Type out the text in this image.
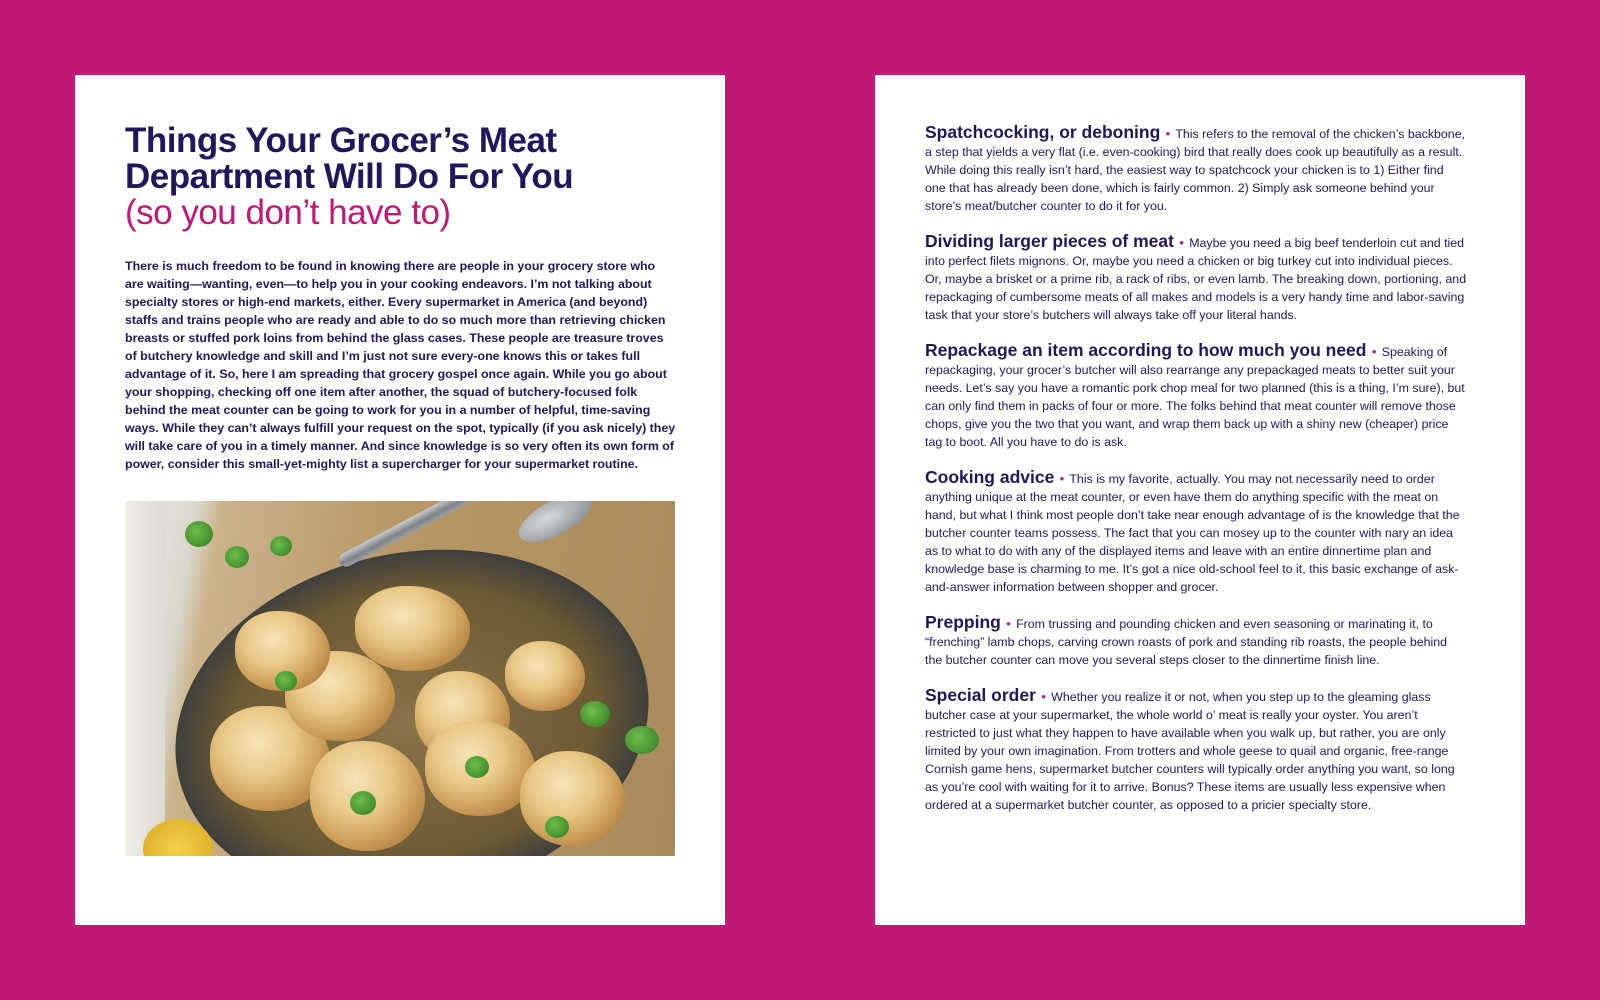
Things Your Grocer’s Meat
Department Will Do For You
(so you don’t have to)

There is much freedom to be found in knowing there are people in your grocery store who are waiting—wanting, even—to help you in your cooking endeavors. I’m not talking about specialty stores or high-end markets, either. Every supermarket in America (and beyond) staffs and trains people who are ready and able to do so much more than retrieving chicken breasts or stuffed pork loins from behind the glass cases. These people are treasure troves of butchery knowledge and skill and I’m just not sure every-one knows this or takes full advantage of it. So, here I am spreading that grocery gospel once again. While you go about your shopping, checking off one item after another, the squad of butchery-focused folk behind the meat counter can be going to work for you in a number of helpful, time-saving ways. While they can’t always fulfill your request on the spot, typically (if you ask nicely) they will take care of you in a timely manner. And since knowledge is so very often its own form of power, consider this small-yet-mighty list a supercharger for your supermarket routine.

Spatchcocking, or deboning • This refers to the removal of the chicken’s backbone, a step that yields a very flat (i.e. even-cooking) bird that really does cook up beautifully as a result. While doing this really isn’t hard, the easiest way to spatchcock your chicken is to 1) Either find one that has already been done, which is fairly common. 2) Simply ask someone behind your store’s meat/butcher counter to do it for you.

Dividing larger pieces of meat • Maybe you need a big beef tenderloin cut and tied into perfect filets mignons. Or, maybe you need a chicken or big turkey cut into individual pieces. Or, maybe a brisket or a prime rib, a rack of ribs, or even lamb. The breaking down, portioning, and repackaging of cumbersome meats of all makes and models is a very handy time and labor-saving task that your store’s butchers will always take off your literal hands.

Repackage an item according to how much you need • Speaking of repackaging, your grocer’s butcher will also rearrange any prepackaged meats to better suit your needs. Let’s say you have a romantic pork chop meal for two planned (this is a thing, I’m sure), but can only find them in packs of four or more. The folks behind that meat counter will remove those chops, give you the two that you want, and wrap them back up with a shiny new (cheaper) price tag to boot. All you have to do is ask.

Cooking advice • This is my favorite, actually. You may not necessarily need to order anything unique at the meat counter, or even have them do anything specific with the meat on hand, but what I think most people don’t take near enough advantage of is the knowledge that the butcher counter teams possess. The fact that you can mosey up to the counter with nary an idea as to what to do with any of the displayed items and leave with an entire dinnertime plan and knowledge base is charming to me. It’s got a nice old-school feel to it, this basic exchange of ask-and-answer information between shopper and grocer.

Prepping • From trussing and pounding chicken and even seasoning or marinating it, to “frenching” lamb chops, carving crown roasts of pork and standing rib roasts, the people behind the butcher counter can move you several steps closer to the dinnertime finish line.

Special order • Whether you realize it or not, when you step up to the gleaming glass butcher case at your supermarket, the whole world o’ meat is really your oyster. You aren’t restricted to just what they happen to have available when you walk up, but rather, you are only limited by your own imagination. From trotters and whole geese to quail and organic, free-range Cornish game hens, supermarket butcher counters will typically order anything you want, so long as you’re cool with waiting for it to arrive. Bonus? These items are usually less expensive when ordered at a supermarket butcher counter, as opposed to a pricier specialty store.
